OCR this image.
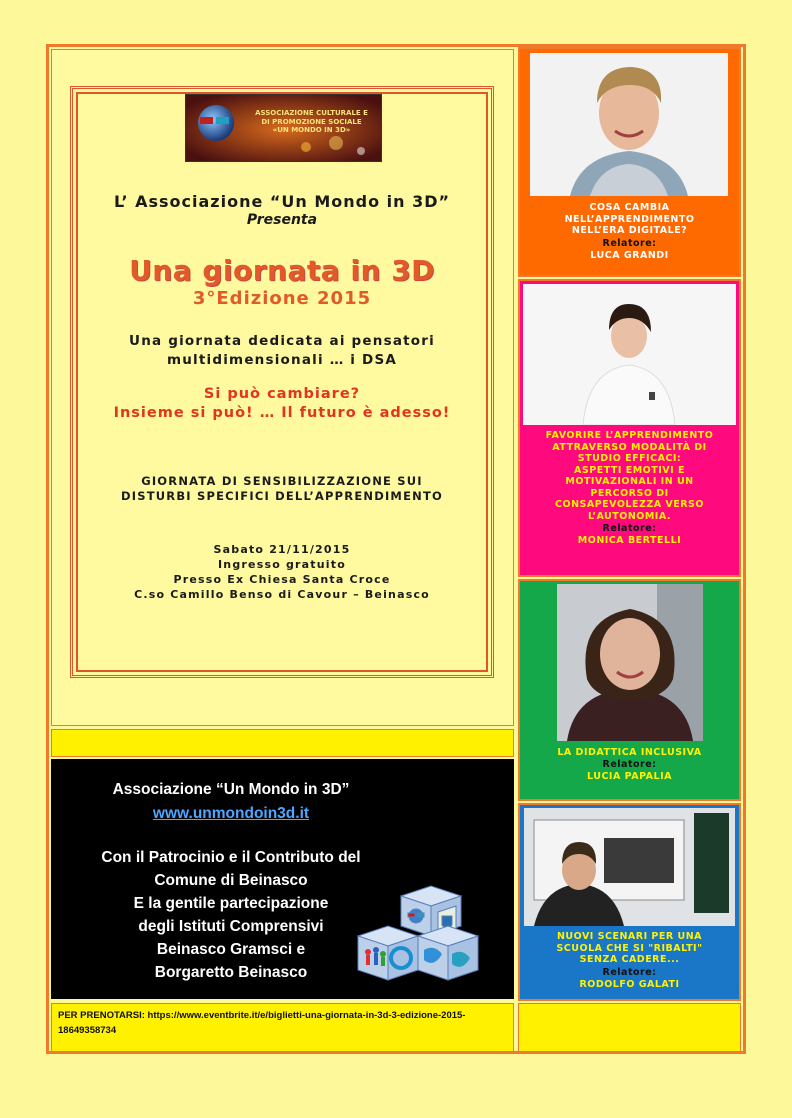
ASSOCIAZIONE CULTURALE E
DI PROMOZIONE SOCIALE
«UN MONDO IN 3D»
L’ Associazione “Un Mondo in 3D”
Presenta
Una giornata in 3D
3°Edizione 2015
Una giornata dedicata ai pensatori
multidimensionali … i DSA
Si può cambiare?
Insieme si può! … Il futuro è adesso!
GIORNATA DI SENSIBILIZZAZIONE SUI
DISTURBI SPECIFICI DELL’APPRENDIMENTO
Sabato 21/11/2015
Ingresso gratuito
Presso Ex Chiesa Santa Croce
C.so Camillo Benso di Cavour – Beinasco
Associazione “Un Mondo in 3D”
www.unmondoin3d.it
Con il Patrocinio e il Contributo del
Comune di Beinasco
E la gentile partecipazione
degli Istituti Comprensivi
Beinasco Gramsci e
Borgaretto Beinasco
PER PRENOTARSI: https://www.eventbrite.it/e/biglietti-una-giornata-in-3d-3-edizione-2015-18649358734
COSA CAMBIA
NELL’APPRENDIMENTO
NELL’ERA DIGITALE?
Relatore:
LUCA GRANDI
FAVORIRE L’APPRENDIMENTO
ATTRAVERSO MODALITÀ DI
STUDIO EFFICACI:
ASPETTI EMOTIVI E
MOTIVAZIONALI IN UN
PERCORSO DI
CONSAPEVOLEZZA VERSO
L’AUTONOMIA.
Relatore:
MONICA BERTELLI
LA DIDATTICA INCLUSIVA
Relatore:
LUCIA PAPALIA
NUOVI SCENARI PER UNA
SCUOLA CHE SI "RIBALTI"
SENZA CADERE...
Relatore:
RODOLFO GALATI
